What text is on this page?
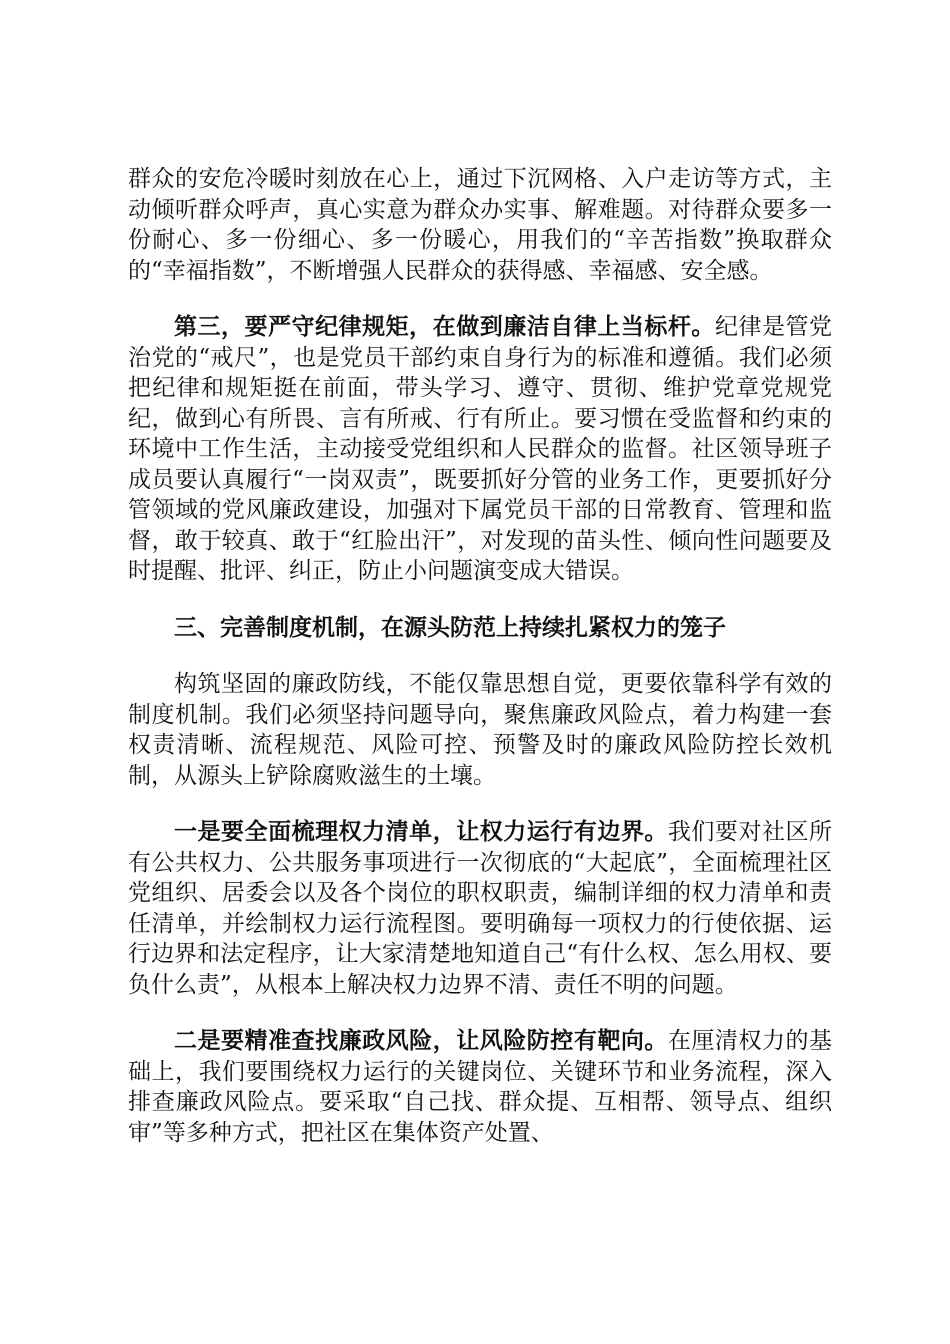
群众的安危冷暖时刻放在心上，通过下沉网格、入户走访等方式，主动倾听群众呼声，真心实意为群众办实事、解难题。对待群众要多一份耐心、多一份细心、多一份暖心，用我们的“辛苦指数”换取群众的“幸福指数”，不断增强人民群众的获得感、幸福感、安全感。

第三，要严守纪律规矩，在做到廉洁自律上当标杆。纪律是管党治党的“戒尺”，也是党员干部约束自身行为的标准和遵循。我们必须把纪律和规矩挺在前面，带头学习、遵守、贯彻、维护党章党规党纪，做到心有所畏、言有所戒、行有所止。要习惯在受监督和约束的环境中工作生活，主动接受党组织和人民群众的监督。社区领导班子成员要认真履行“一岗双责”，既要抓好分管的业务工作，更要抓好分管领域的党风廉政建设，加强对下属党员干部的日常教育、管理和监督，敢于较真、敢于“红脸出汗”，对发现的苗头性、倾向性问题要及时提醒、批评、纠正，防止小问题演变成大错误。

三、完善制度机制，在源头防范上持续扎紧权力的笼子

构筑坚固的廉政防线，不能仅靠思想自觉，更要依靠科学有效的制度机制。我们必须坚持问题导向，聚焦廉政风险点，着力构建一套权责清晰、流程规范、风险可控、预警及时的廉政风险防控长效机制，从源头上铲除腐败滋生的土壤。

一是要全面梳理权力清单，让权力运行有边界。我们要对社区所有公共权力、公共服务事项进行一次彻底的“大起底”，全面梳理社区党组织、居委会以及各个岗位的职权职责，编制详细的权力清单和责任清单，并绘制权力运行流程图。要明确每一项权力的行使依据、运行边界和法定程序，让大家清楚地知道自己“有什么权、怎么用权、要负什么责”，从根本上解决权力边界不清、责任不明的问题。

二是要精准查找廉政风险，让风险防控有靶向。在厘清权力的基础上，我们要围绕权力运行的关键岗位、关键环节和业务流程，深入排查廉政风险点。要采取“自己找、群众提、互相帮、领导点、组织审”等多种方式，把社区在集体资产处置、
